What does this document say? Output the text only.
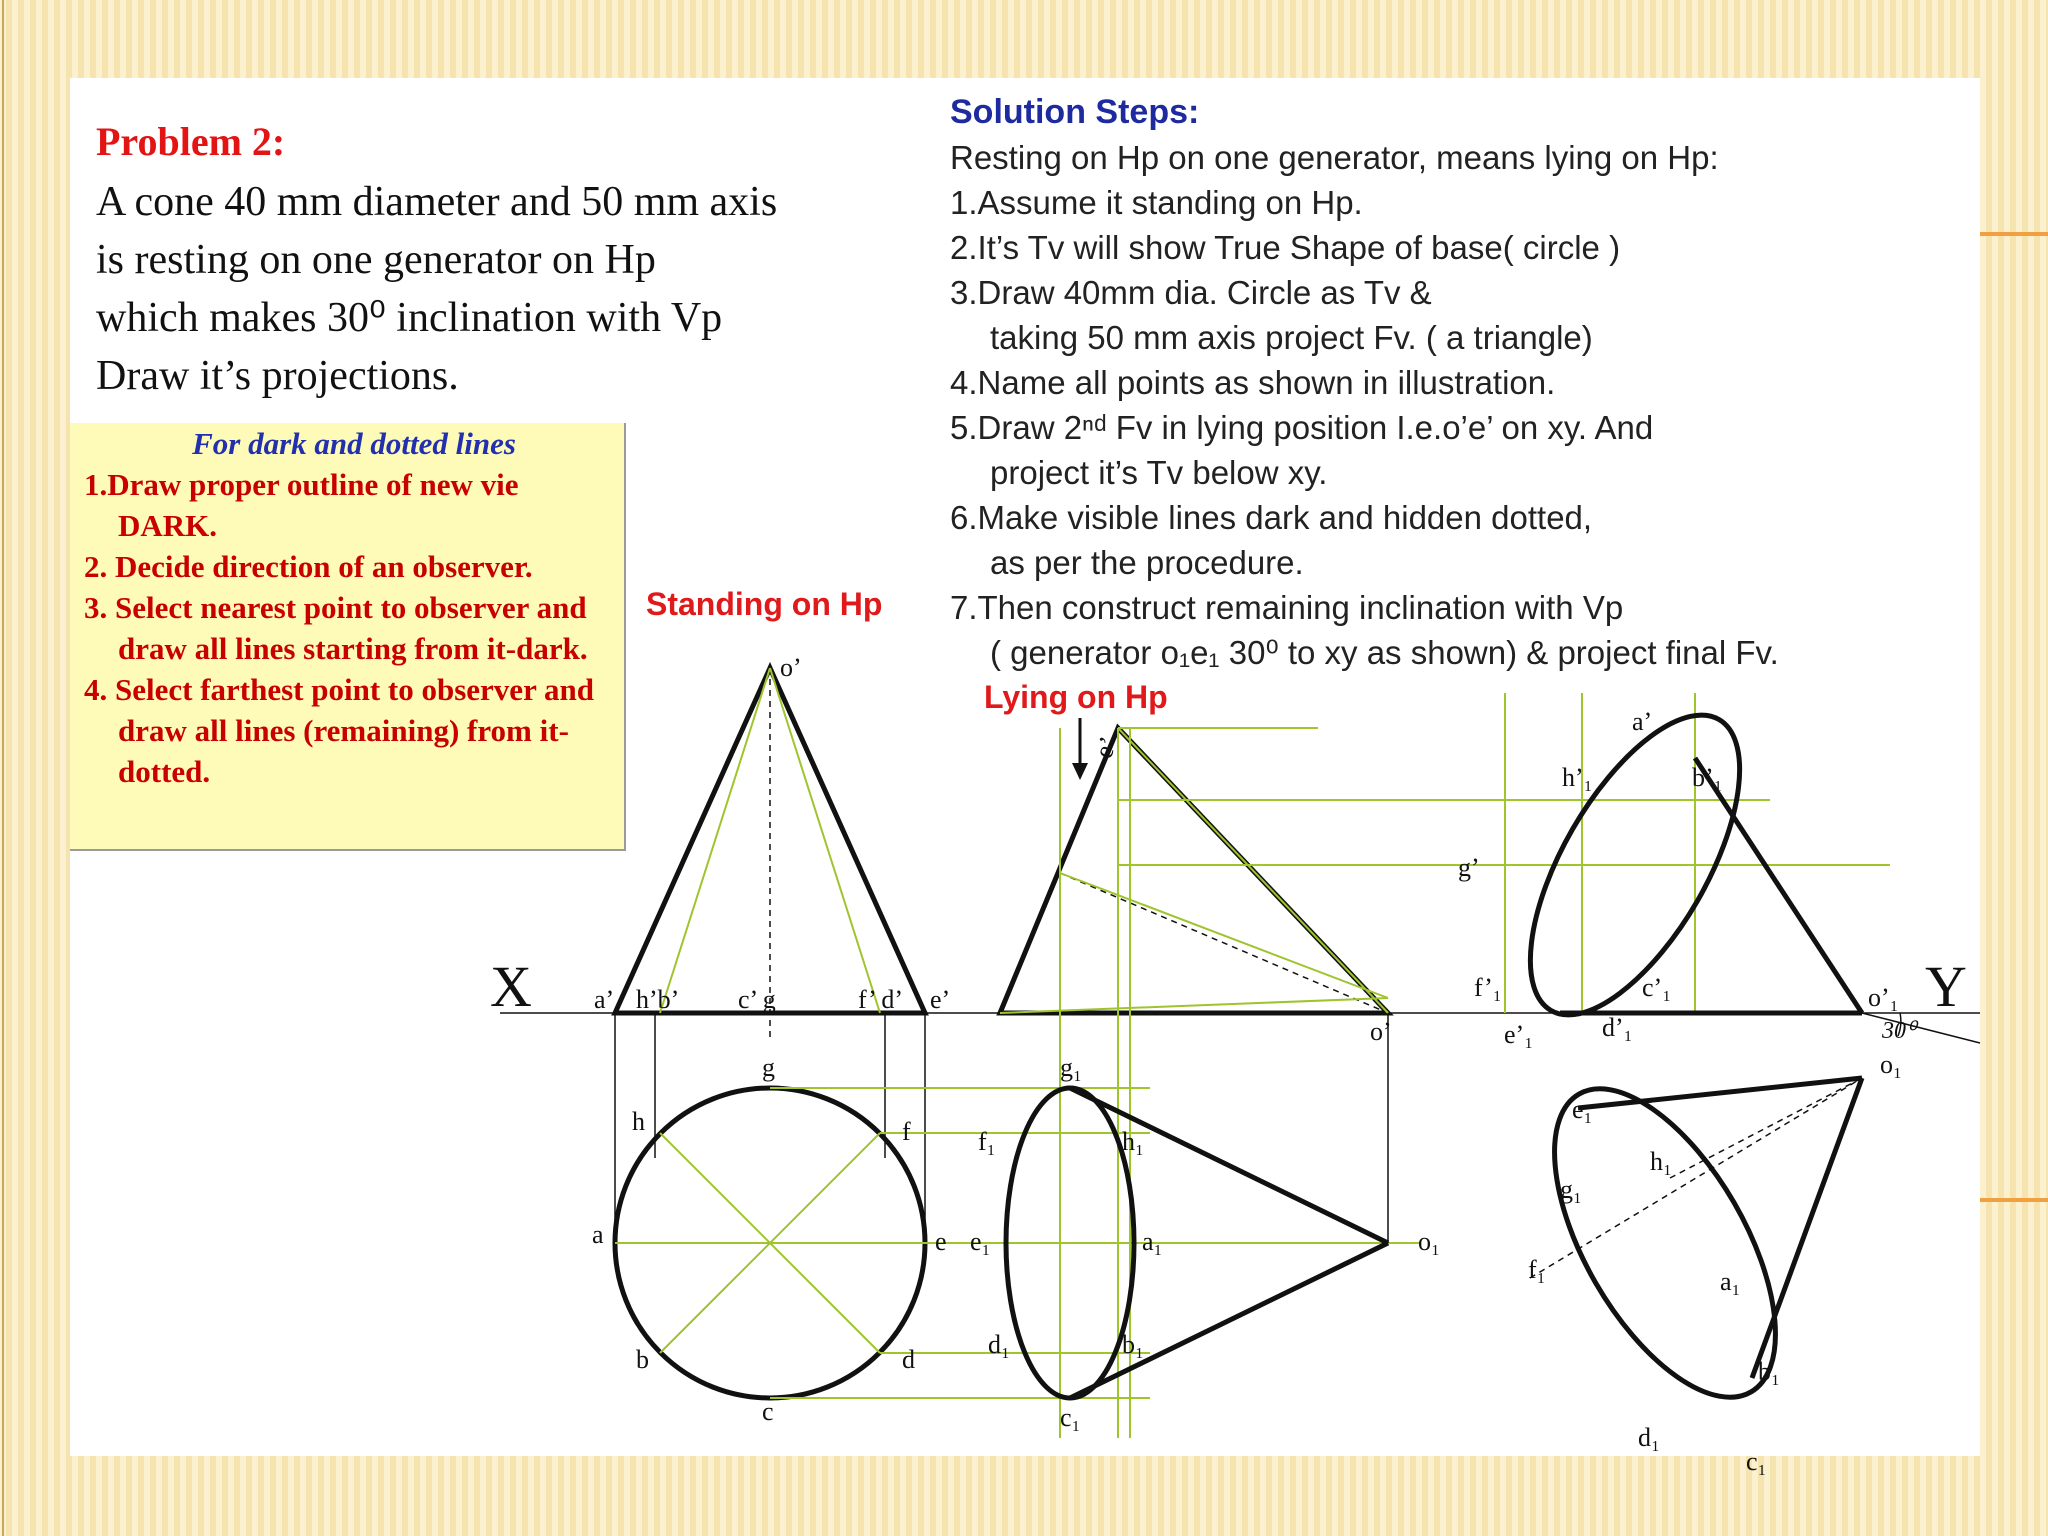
Problem 2:

A cone 40 mm diameter and 50 mm axis

is resting on one generator on Hp

which makes 30⁰ inclination with Vp

Draw it’s projections.

Solution Steps:

Resting on Hp on one generator, means lying on Hp:

1.Assume it standing on Hp.

2.It’s Tv will show True Shape of base( circle )

3.Draw 40mm dia. Circle as Tv &

taking 50 mm axis project Fv. ( a triangle)

4.Name all points as shown in illustration.

5.Draw 2ⁿᵈ Fv in lying position I.e.o’e’ on xy. And

project it’s Tv below xy.

6.Make visible lines dark and hidden dotted,

as per the procedure.

7.Then construct remaining inclination with Vp

( generator o₁e₁ 30⁰ to xy as shown) & project final Fv.

For dark and dotted lines

1.Draw proper outline of new vie DARK.

2. Decide direction of an observer.

3. Select nearest point to observer and draw all lines starting from it-dark.

4. Select farthest point to observer and draw all lines (remaining) from it- dotted.

X	Y
Standing on Hp
Lying on Hp
o’
a’ h’b’ c’ g	f’ d’ e’
g
h	f
a	e
b	d
c
e’
o’
g₁
f₁	h₁
e₁	a₁
d₁	b₁
c₁
o₁
a’
h’₁	b’₁
g’
f’₁	c’₁
e’₁	d’₁
o’₁
30⁰
g₁
h₁
f₁	a₁
e₁
b₁
d₁
c₁
o₁
